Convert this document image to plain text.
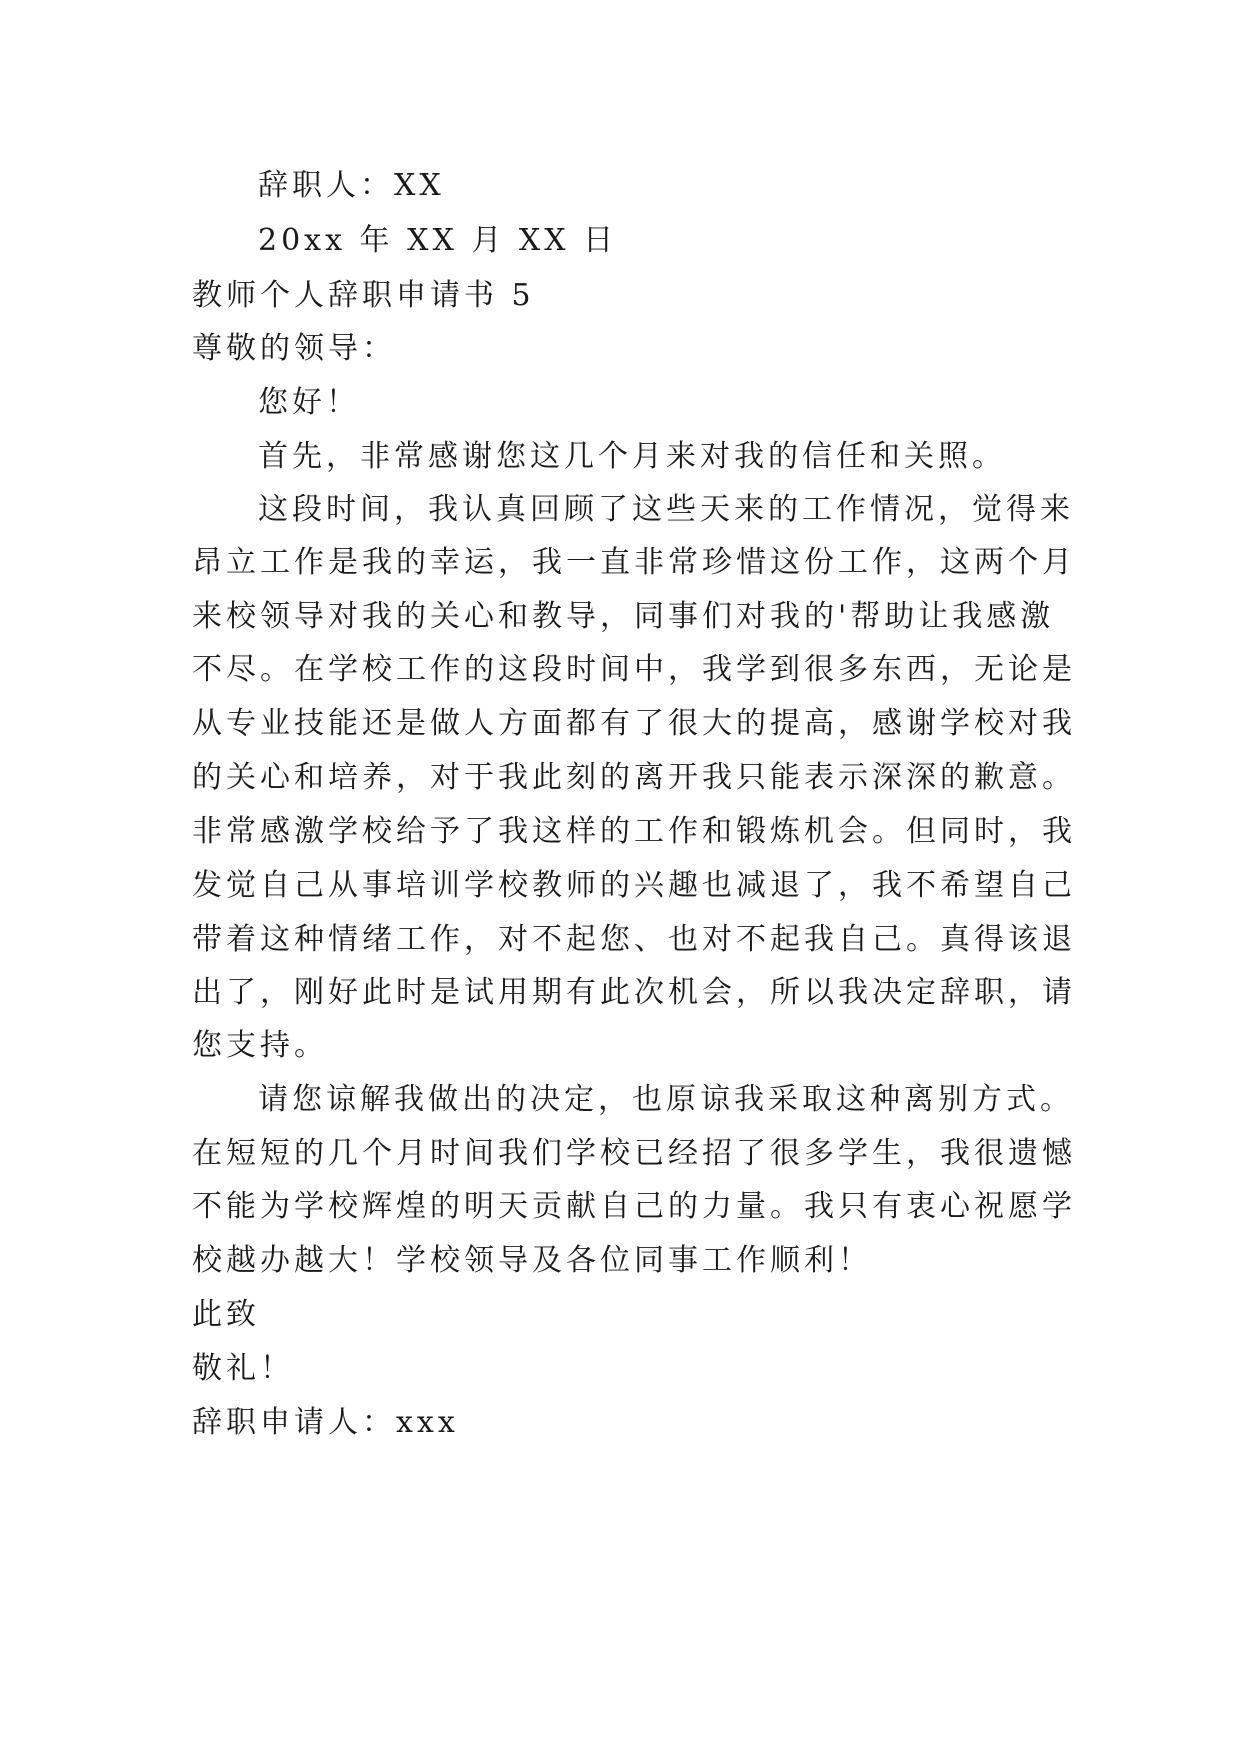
辞职人：XX
20xx 年 XX 月 XX 日
教师个人辞职申请书 5
尊敬的领导：
您好！
首先，非常感谢您这几个月来对我的信任和关照。
这段时间，我认真回顾了这些天来的工作情况，觉得来
昂立工作是我的幸运，我一直非常珍惜这份工作，这两个月
来校领导对我的关心和教导，同事们对我的'帮助让我感激
不尽。在学校工作的这段时间中，我学到很多东西，无论是
从专业技能还是做人方面都有了很大的提高，感谢学校对我
的关心和培养，对于我此刻的离开我只能表示深深的歉意。
非常感激学校给予了我这样的工作和锻炼机会。但同时，我
发觉自己从事培训学校教师的兴趣也减退了，我不希望自己
带着这种情绪工作，对不起您、也对不起我自己。真得该退
出了，刚好此时是试用期有此次机会，所以我决定辞职，请
您支持。
请您谅解我做出的决定，也原谅我采取这种离别方式。
在短短的几个月时间我们学校已经招了很多学生，我很遗憾
不能为学校辉煌的明天贡献自己的力量。我只有衷心祝愿学
校越办越大！学校领导及各位同事工作顺利！
此致
敬礼！
辞职申请人：xxx
